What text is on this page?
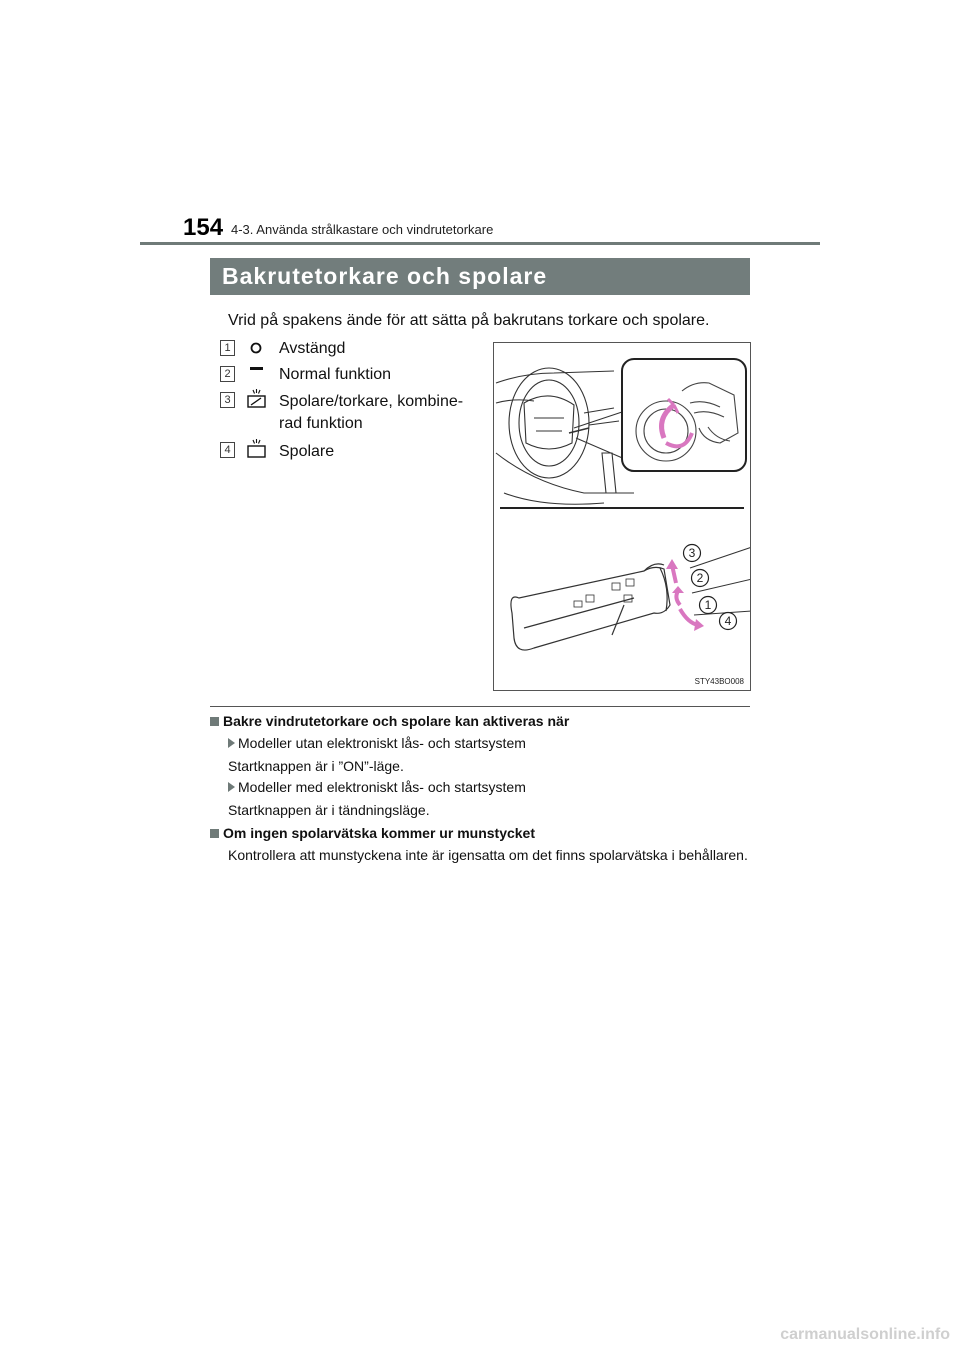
154 4-3. Använda strålkastare och vindrutetorkare
Bakrutetorkare och spolare
Vrid på spakens ände för att sätta på bakrutans torkare och spolare.
1	Avstängd
2	Normal funktion
3	Spolare/torkare, kombine-
rad funktion
4	Spolare
3
2
1
4
STY43BO008
Bakre vindrutetorkare och spolare kan aktiveras när
Modeller utan elektroniskt lås- och startsystem
Startknappen är i ”ON”-läge.
Modeller med elektroniskt lås- och startsystem
Startknappen är i tändningsläge.
Om ingen spolarvätska kommer ur munstycket
Kontrollera att munstyckena inte är igensatta om det finns spolarvätska i behållaren.
carmanualsonline.info
